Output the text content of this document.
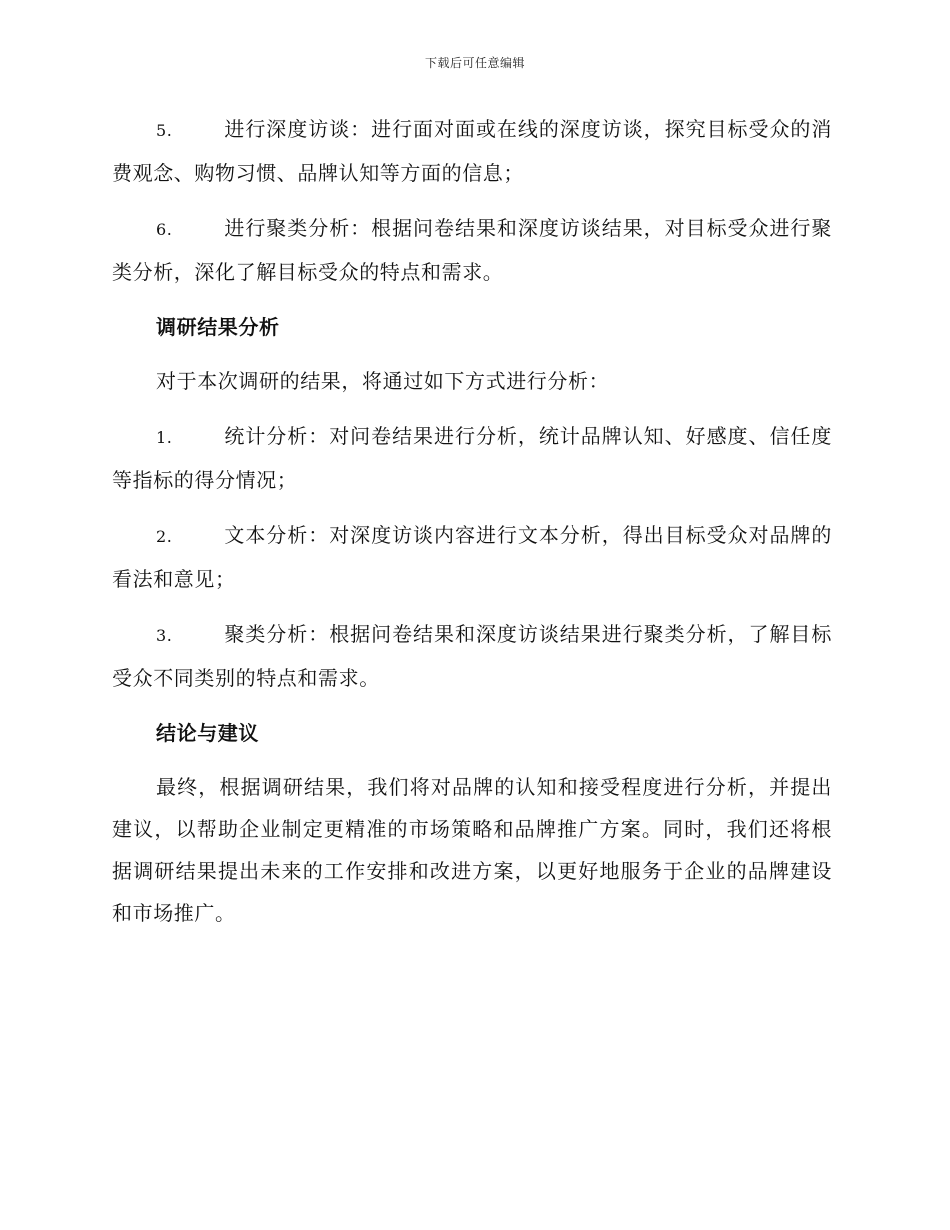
下载后可任意编辑

5.	进行深度访谈：进行面对面或在线的深度访谈，探究目标受众的消费观念、购物习惯、品牌认知等方面的信息；

6.	进行聚类分析：根据问卷结果和深度访谈结果，对目标受众进行聚类分析，深化了解目标受众的特点和需求。

调研结果分析

对于本次调研的结果，将通过如下方式进行分析：

1.	统计分析：对问卷结果进行分析，统计品牌认知、好感度、信任度等指标的得分情况；

2.	文本分析：对深度访谈内容进行文本分析，得出目标受众对品牌的看法和意见；

3.	聚类分析：根据问卷结果和深度访谈结果进行聚类分析，了解目标受众不同类别的特点和需求。

结论与建议

最终，根据调研结果，我们将对品牌的认知和接受程度进行分析，并提出建议，以帮助企业制定更精准的市场策略和品牌推广方案。同时，我们还将根据调研结果提出未来的工作安排和改进方案，以更好地服务于企业的品牌建设和市场推广。
